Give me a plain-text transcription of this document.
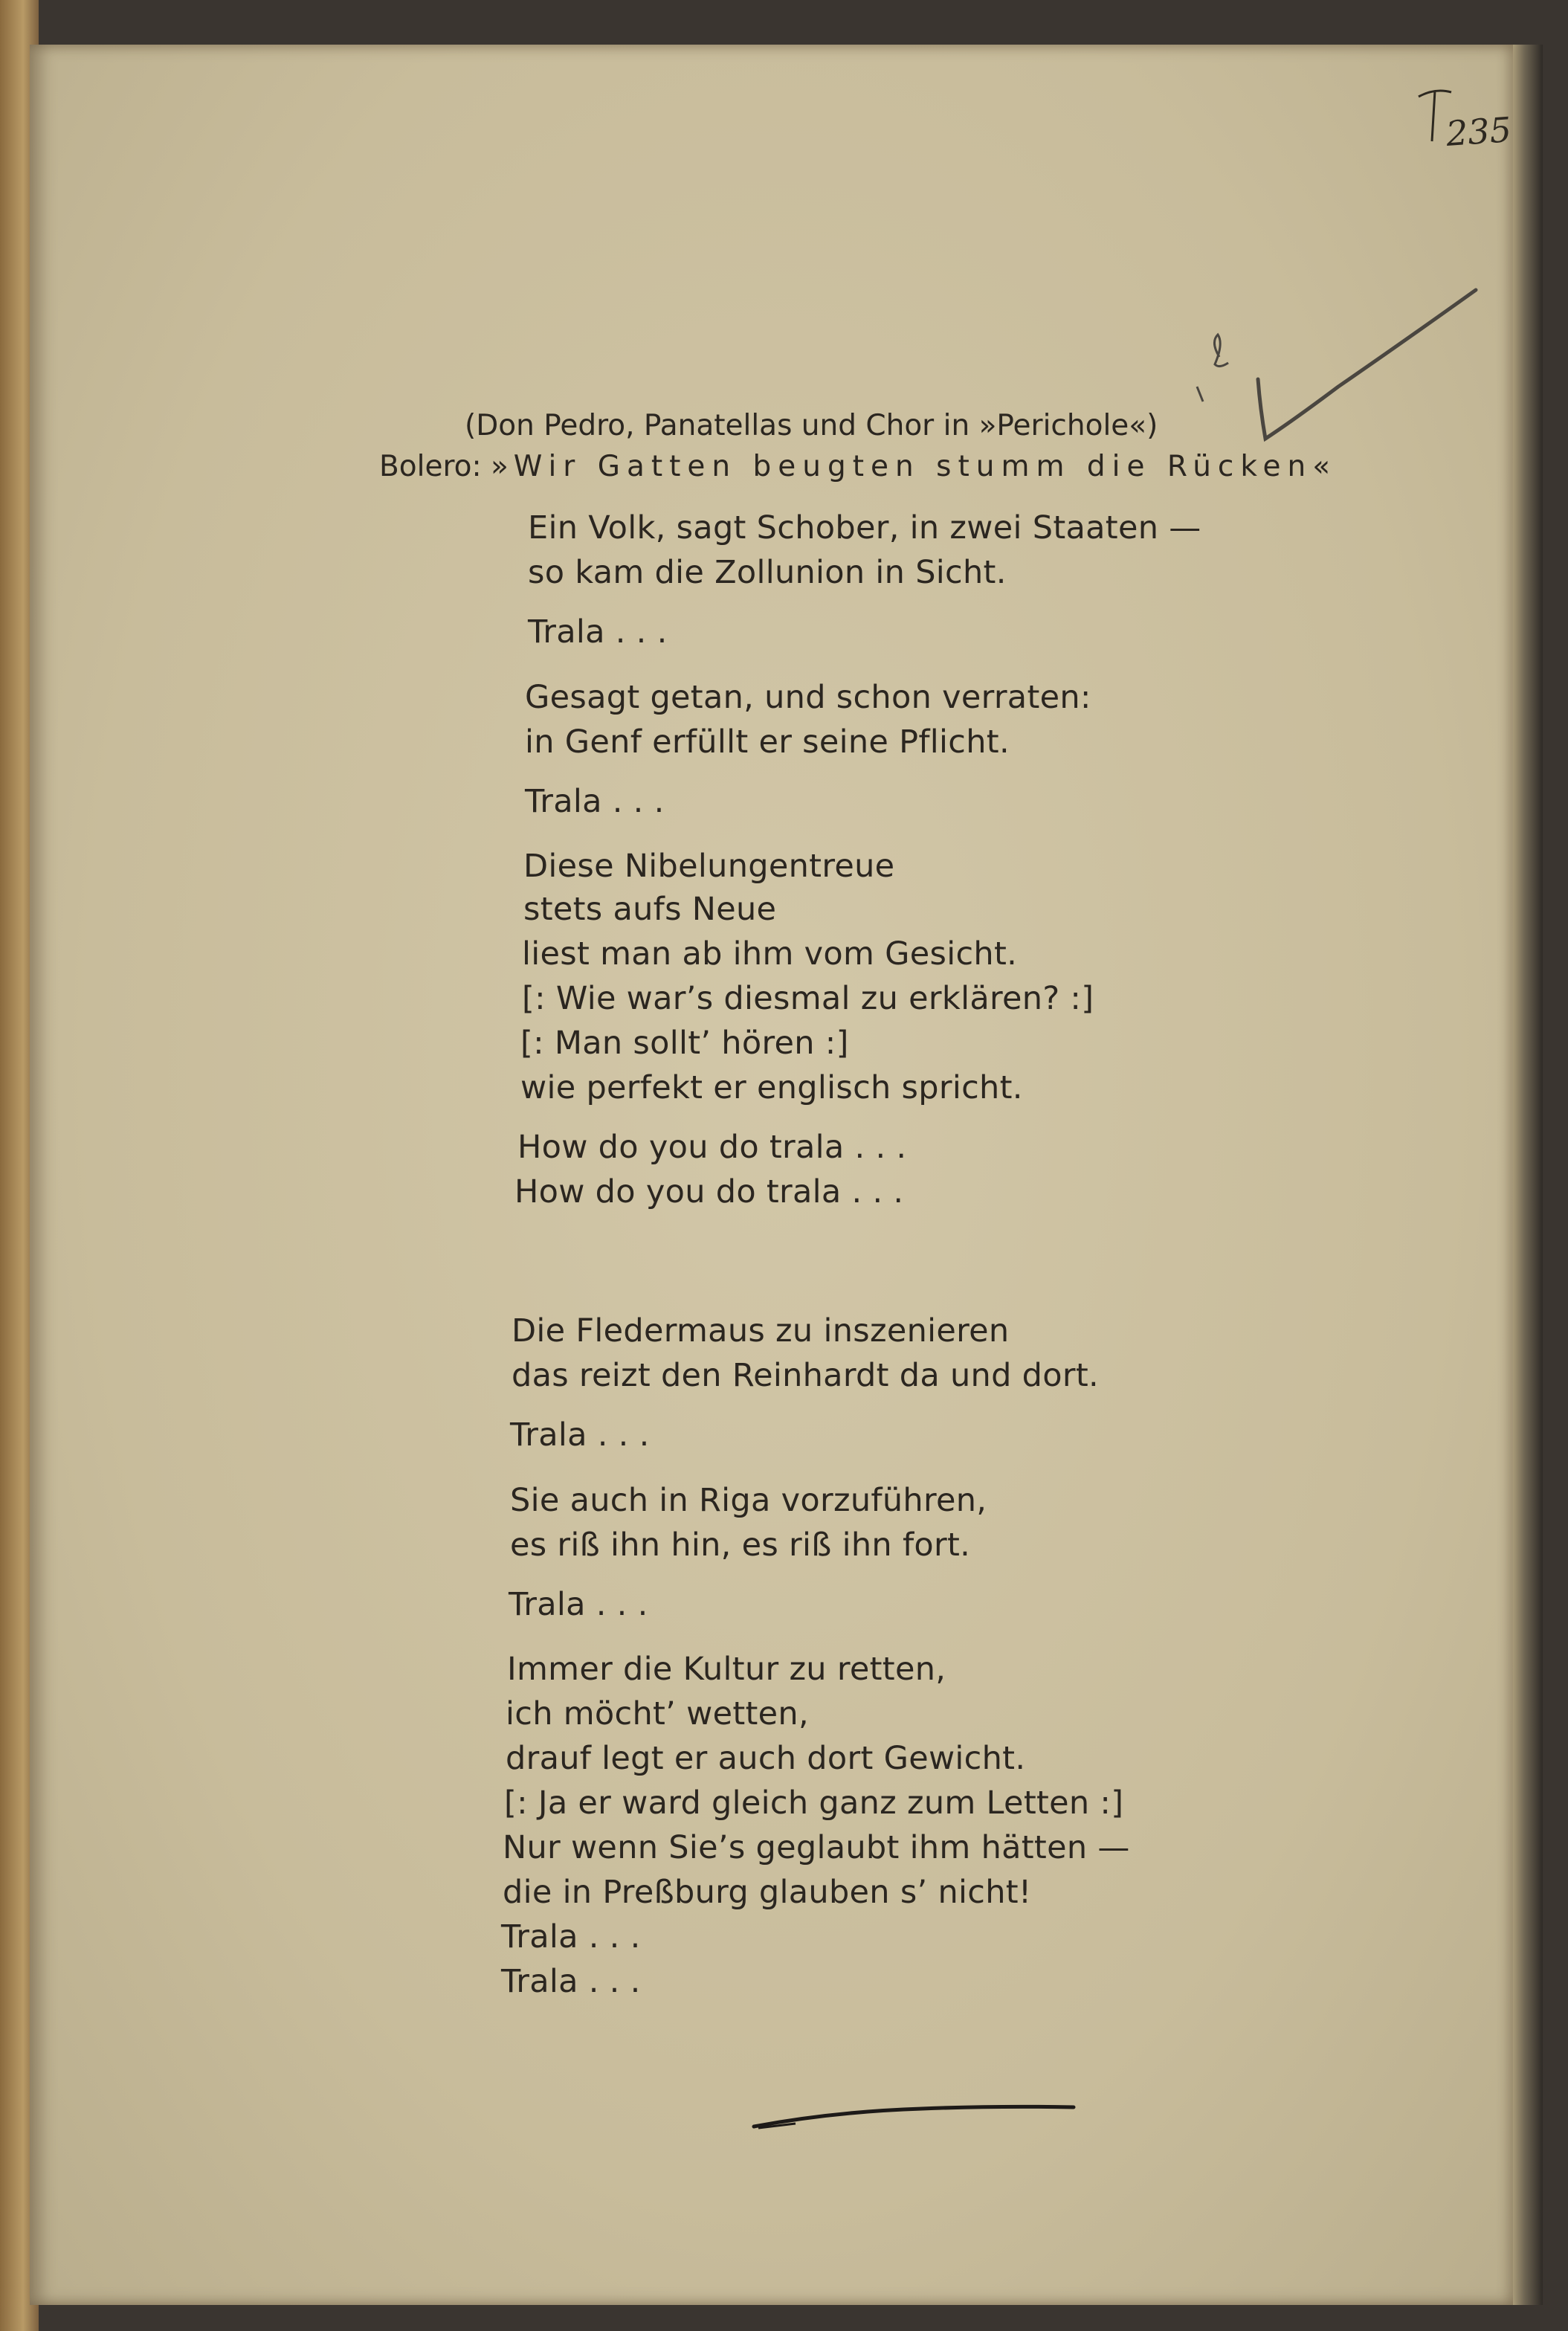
235
(Don Pedro, Panatellas und Chor in »Perichole«)
Bolero: »Wir Gatten beugten stumm die Rücken«
Ein Volk, sagt Schober, in zwei Staaten —
so kam die Zollunion in Sicht.
Trala . . .
Gesagt getan, und schon verraten:
in Genf erfüllt er seine Pflicht.
Trala . . .
Diese Nibelungentreue
stets aufs Neue
liest man ab ihm vom Gesicht.
[: Wie war’s diesmal zu erklären? :]
[: Man sollt’ hören :]
wie perfekt er englisch spricht.
How do you do trala . . .
How do you do trala . . .
Die Fledermaus zu inszenieren
das reizt den Reinhardt da und dort.
Trala . . .
Sie auch in Riga vorzuführen,
es riß ihn hin, es riß ihn fort.
Trala . . .
Immer die Kultur zu retten,
ich möcht’ wetten,
drauf legt er auch dort Gewicht.
[: Ja er ward gleich ganz zum Letten :]
Nur wenn Sie’s geglaubt ihm hätten —
die in Preßburg glauben s’ nicht!
Trala . . .
Trala . . .
